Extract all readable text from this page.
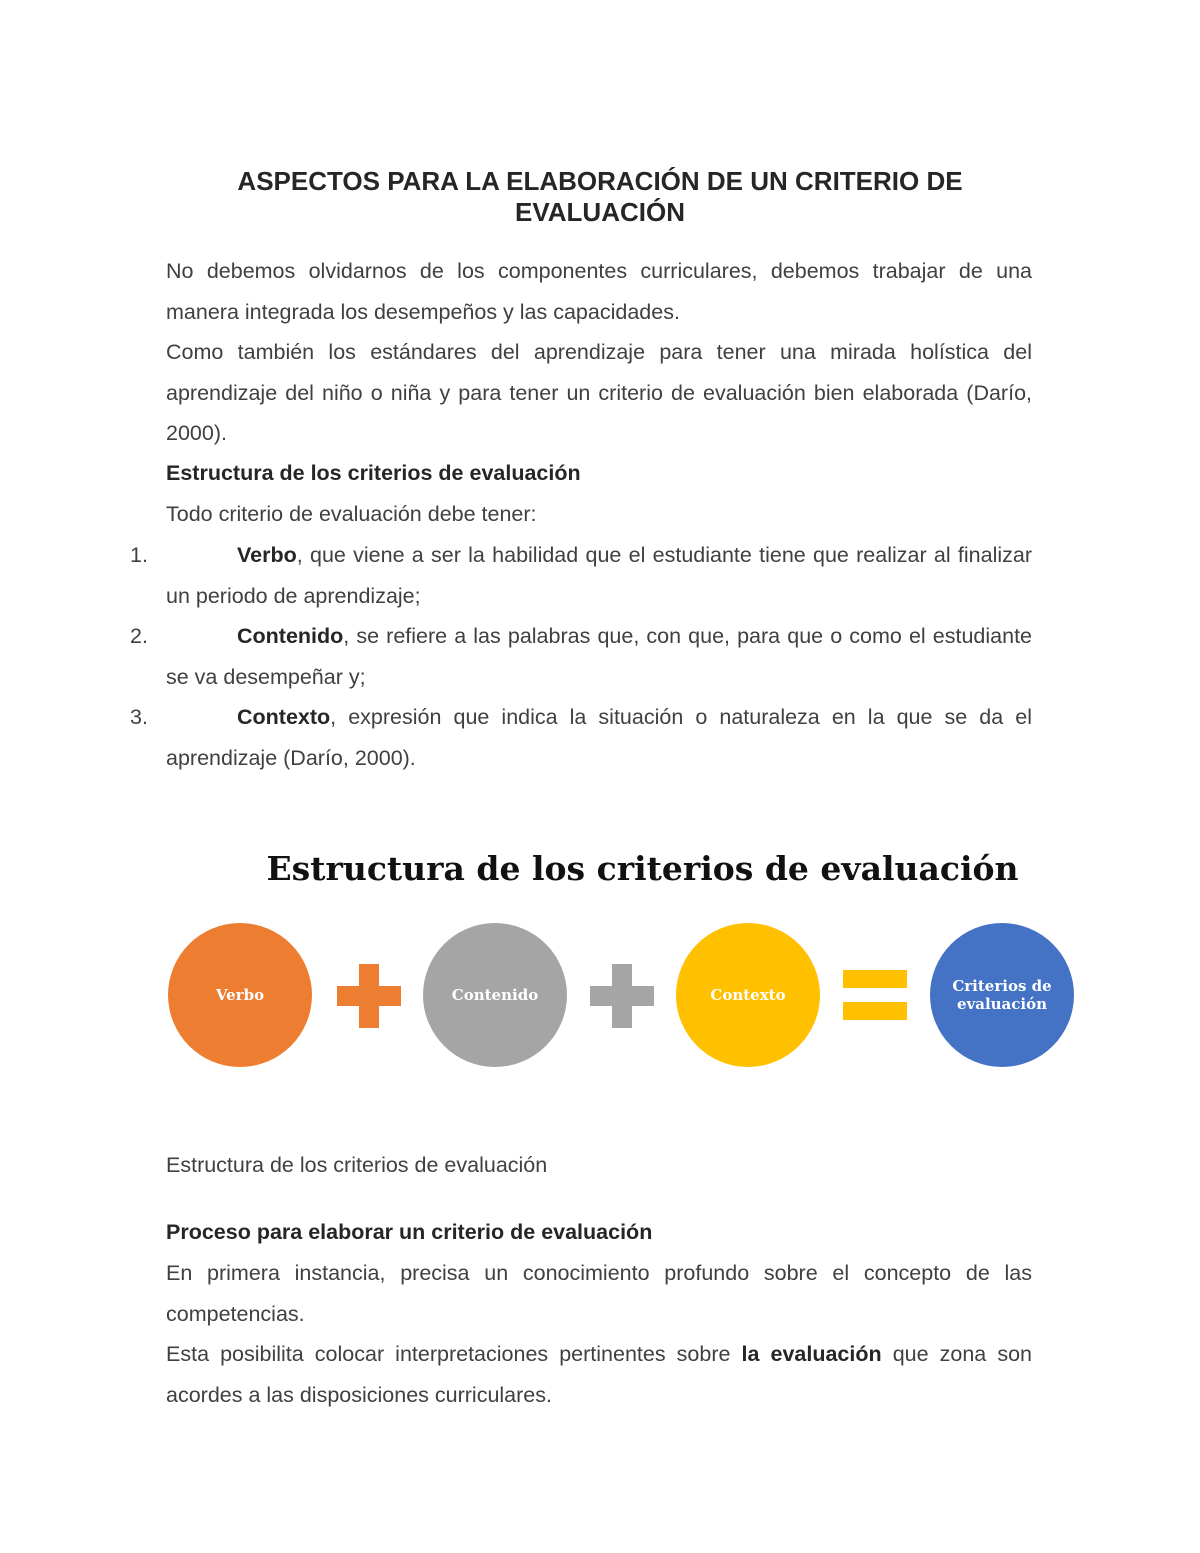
ASPECTOS PARA LA ELABORACIÓN DE UN CRITERIO DE
EVALUACIÓN
No debemos olvidarnos de los componentes curriculares, debemos trabajar de una manera integrada los desempeños y las capacidades.
Como también los estándares del aprendizaje para tener una mirada holística del aprendizaje del niño o niña y para tener un criterio de evaluación bien elaborada (Darío, 2000).
Estructura de los criterios de evaluación
Todo criterio de evaluación debe tener:
1.	Verbo, que viene a ser la habilidad que el estudiante tiene que realizar al finalizar un periodo de aprendizaje;
2.	Contenido, se refiere a las palabras que, con que, para que o como el estudiante se va desempeñar y;
3.	Contexto, expresión que indica la situación o naturaleza en la que se da el aprendizaje (Darío, 2000).
Estructura de los criterios de evaluación
Verbo	Contenido	Contexto	Criterios de evaluación
Estructura de los criterios de evaluación
Proceso para elaborar un criterio de evaluación
En primera instancia, precisa un conocimiento profundo sobre el concepto de las competencias.
Esta posibilita colocar interpretaciones pertinentes sobre la evaluación que zona son acordes a las disposiciones curriculares.
